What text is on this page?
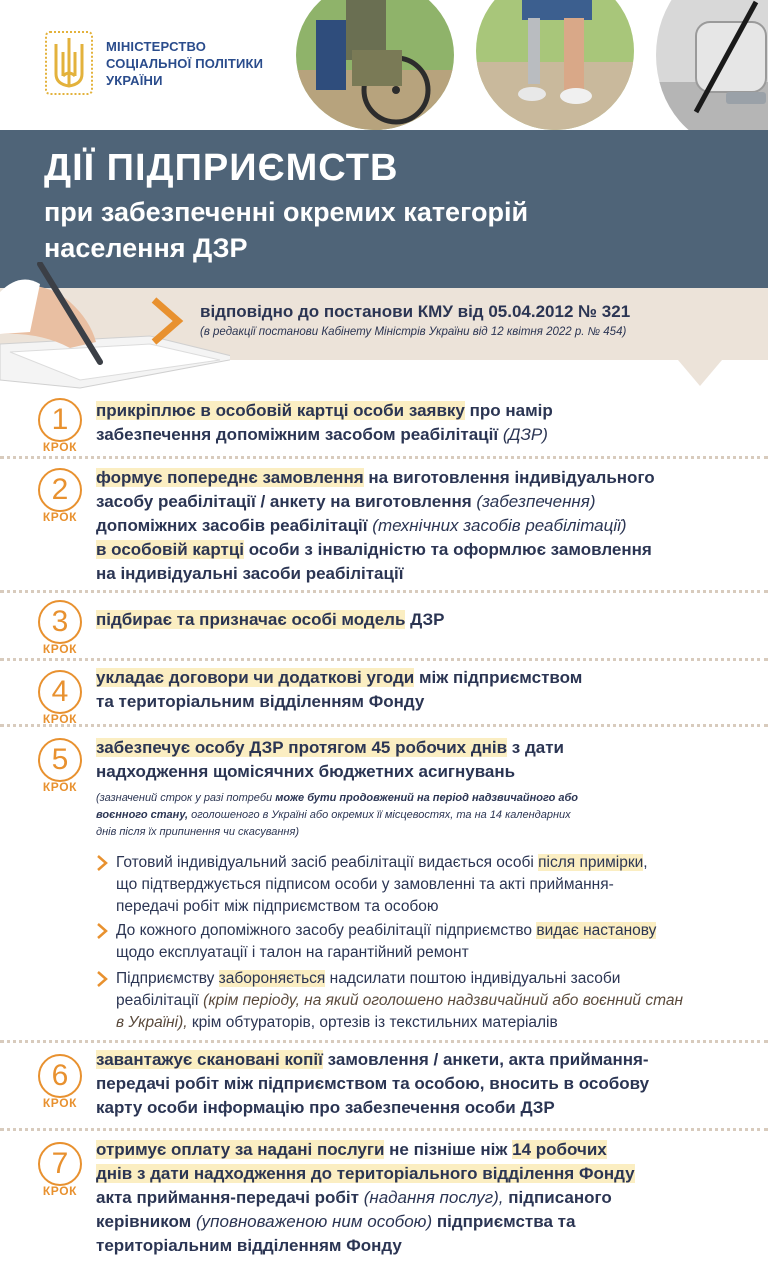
МІНІСТЕРСТВО
СОЦІАЛЬНОЇ ПОЛІТИКИ
УКРАЇНИ
ДІЇ ПІДПРИЄМСТВ
при забезпеченні окремих категорій
населення ДЗР
відповідно до постанови КМУ від 05.04.2012 № 321
(в редакції постанови Кабінету Міністрів України від 12 квітня 2022 р. № 454)
1
КРОК
прикріплює в особовій картці особи заявку про намір
забезпечення допоміжним засобом реабілітації (ДЗР)
2
КРОК
формує попереднє замовлення на виготовлення індивідуального
засобу реабілітації / анкету на виготовлення (забезпечення)
допоміжних засобів реабілітації (технічних засобів реабілітації)
в особовій картці особи з інвалідністю та оформлює замовлення
на індивідуальні засоби реабілітації
3
КРОК
підбирає та призначає особі модель ДЗР
4
КРОК
укладає договори чи додаткові угоди між підприємством
та територіальним відділенням Фонду
5
КРОК
забезпечує особу ДЗР протягом 45 робочих днів з дати
надходження щомісячних бюджетних асигнувань
(зазначений строк у разі потреби може бути продовжений на період надзвичайного або
воєнного стану, оголошеного в Україні або окремих її місцевостях, та на 14 календарних
днів після їх припинення чи скасування)
Готовий індивідуальний засіб реабілітації видається особі після примірки,
що підтверджується підписом особи у замовленні та акті приймання-
передачі робіт між підприємством та особою
До кожного допоміжного засобу реабілітації підприємство видає настанову
щодо експлуатації і талон на гарантійний ремонт
Підприємству забороняється надсилати поштою індивідуальні засоби
реабілітації (крім періоду, на який оголошено надзвичайний або воєнний стан
в Україні), крім обтураторів, ортезів із текстильних матеріалів
6
КРОК
завантажує скановані копії замовлення / анкети, акта приймання-
передачі робіт між підприємством та особою, вносить в особову
карту особи інформацію про забезпечення особи ДЗР
7
КРОК
отримує оплату за надані послуги не пізніше ніж 14 робочих
днів з дати надходження до територіального відділення Фонду
акта приймання-передачі робіт (надання послуг), підписаного
керівником (уповноваженою ним особою) підприємства та
територіальним відділенням Фонду
